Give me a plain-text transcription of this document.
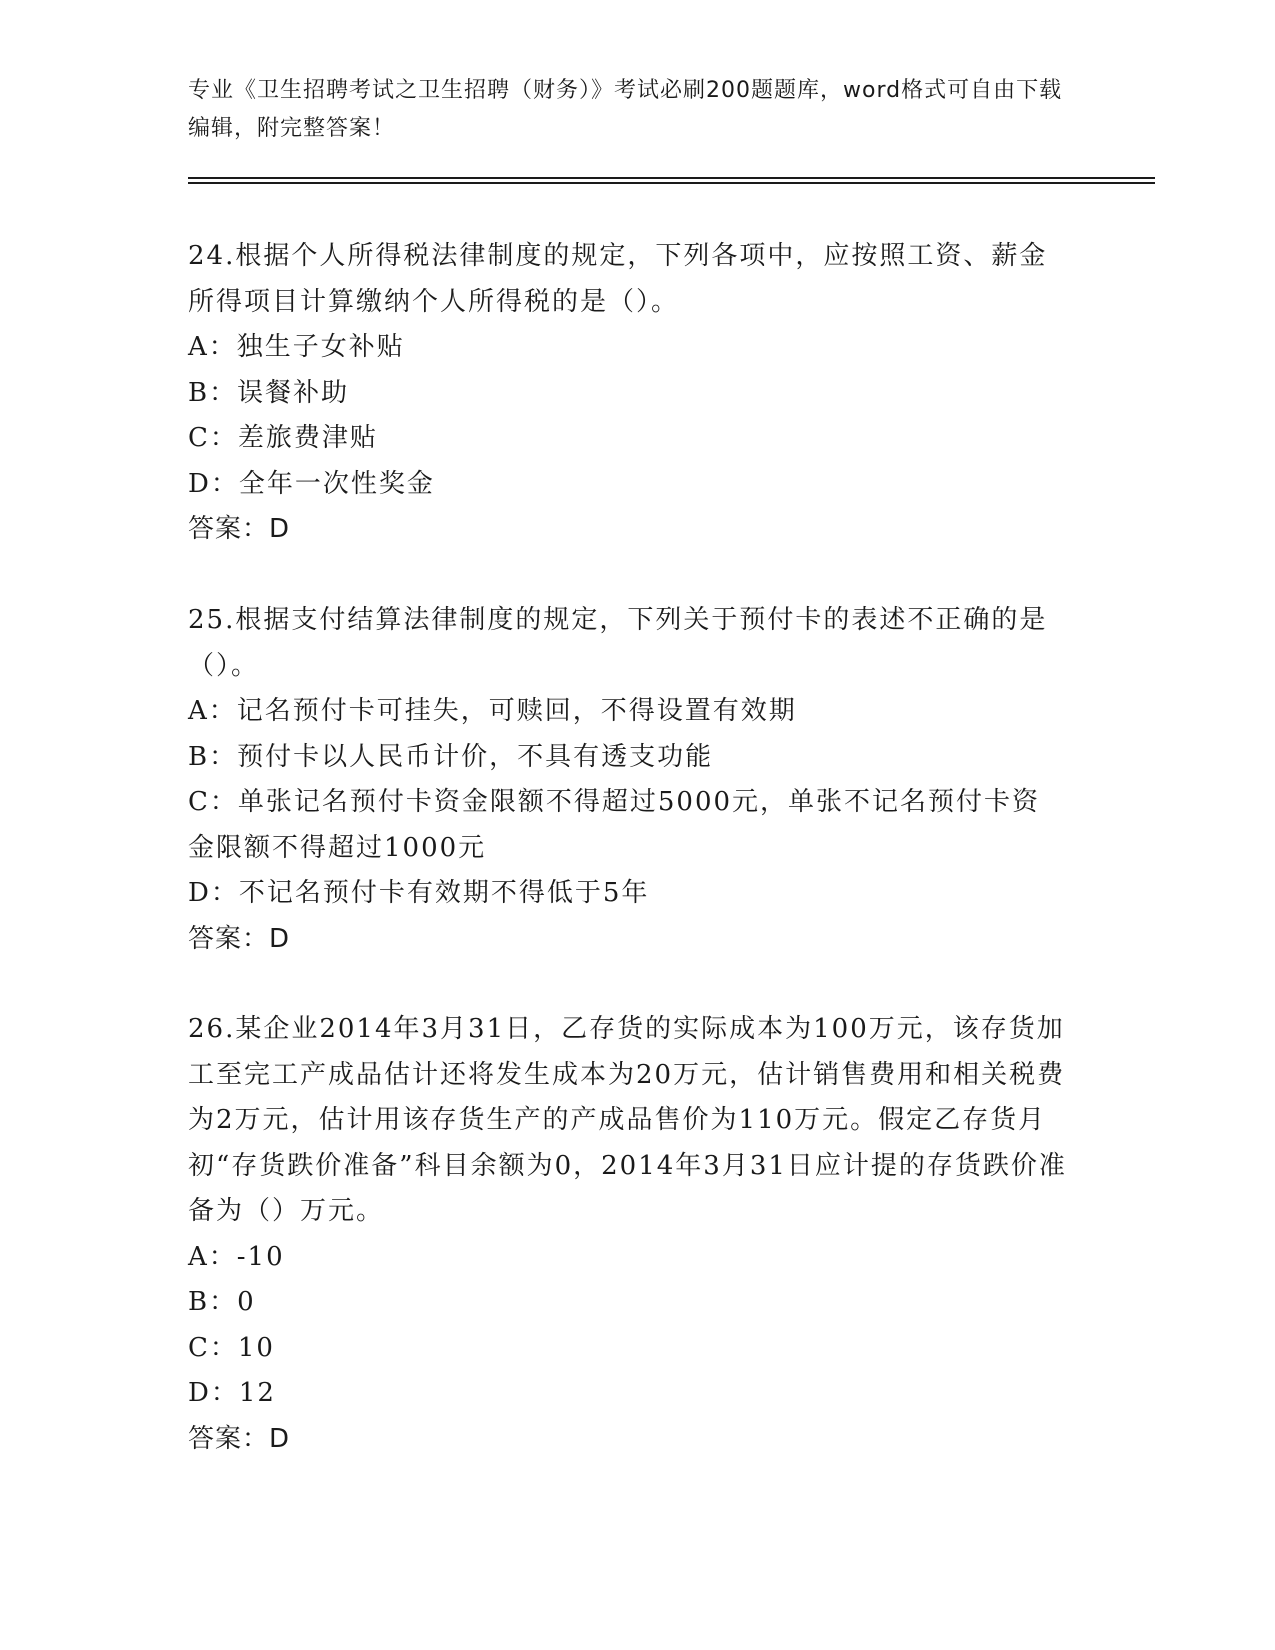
专业《卫生招聘考试之卫生招聘（财务）》考试必刷200题题库，word格式可自由下载编辑，附完整答案！

24.根据个人所得税法律制度的规定，下列各项中，应按照工资、薪金所得项目计算缴纳个人所得税的是（）。

A：独生子女补贴

B：误餐补助

C：差旅费津贴

D：全年一次性奖金

答案：D

25.根据支付结算法律制度的规定，下列关于预付卡的表述不正确的是（）。

A：记名预付卡可挂失，可赎回，不得设置有效期

B：预付卡以人民币计价，不具有透支功能

C：单张记名预付卡资金限额不得超过5000元，单张不记名预付卡资金限额不得超过1000元

D：不记名预付卡有效期不得低于5年

答案：D

26.某企业2014年3月31日，乙存货的实际成本为100万元，该存货加工至完工产成品估计还将发生成本为20万元，估计销售费用和相关税费为2万元，估计用该存货生产的产成品售价为110万元。假定乙存货月初“存货跌价准备”科目余额为0，2014年3月31日应计提的存货跌价准备为（）万元。

A：-10

B：0

C：10

D：12

答案：D
